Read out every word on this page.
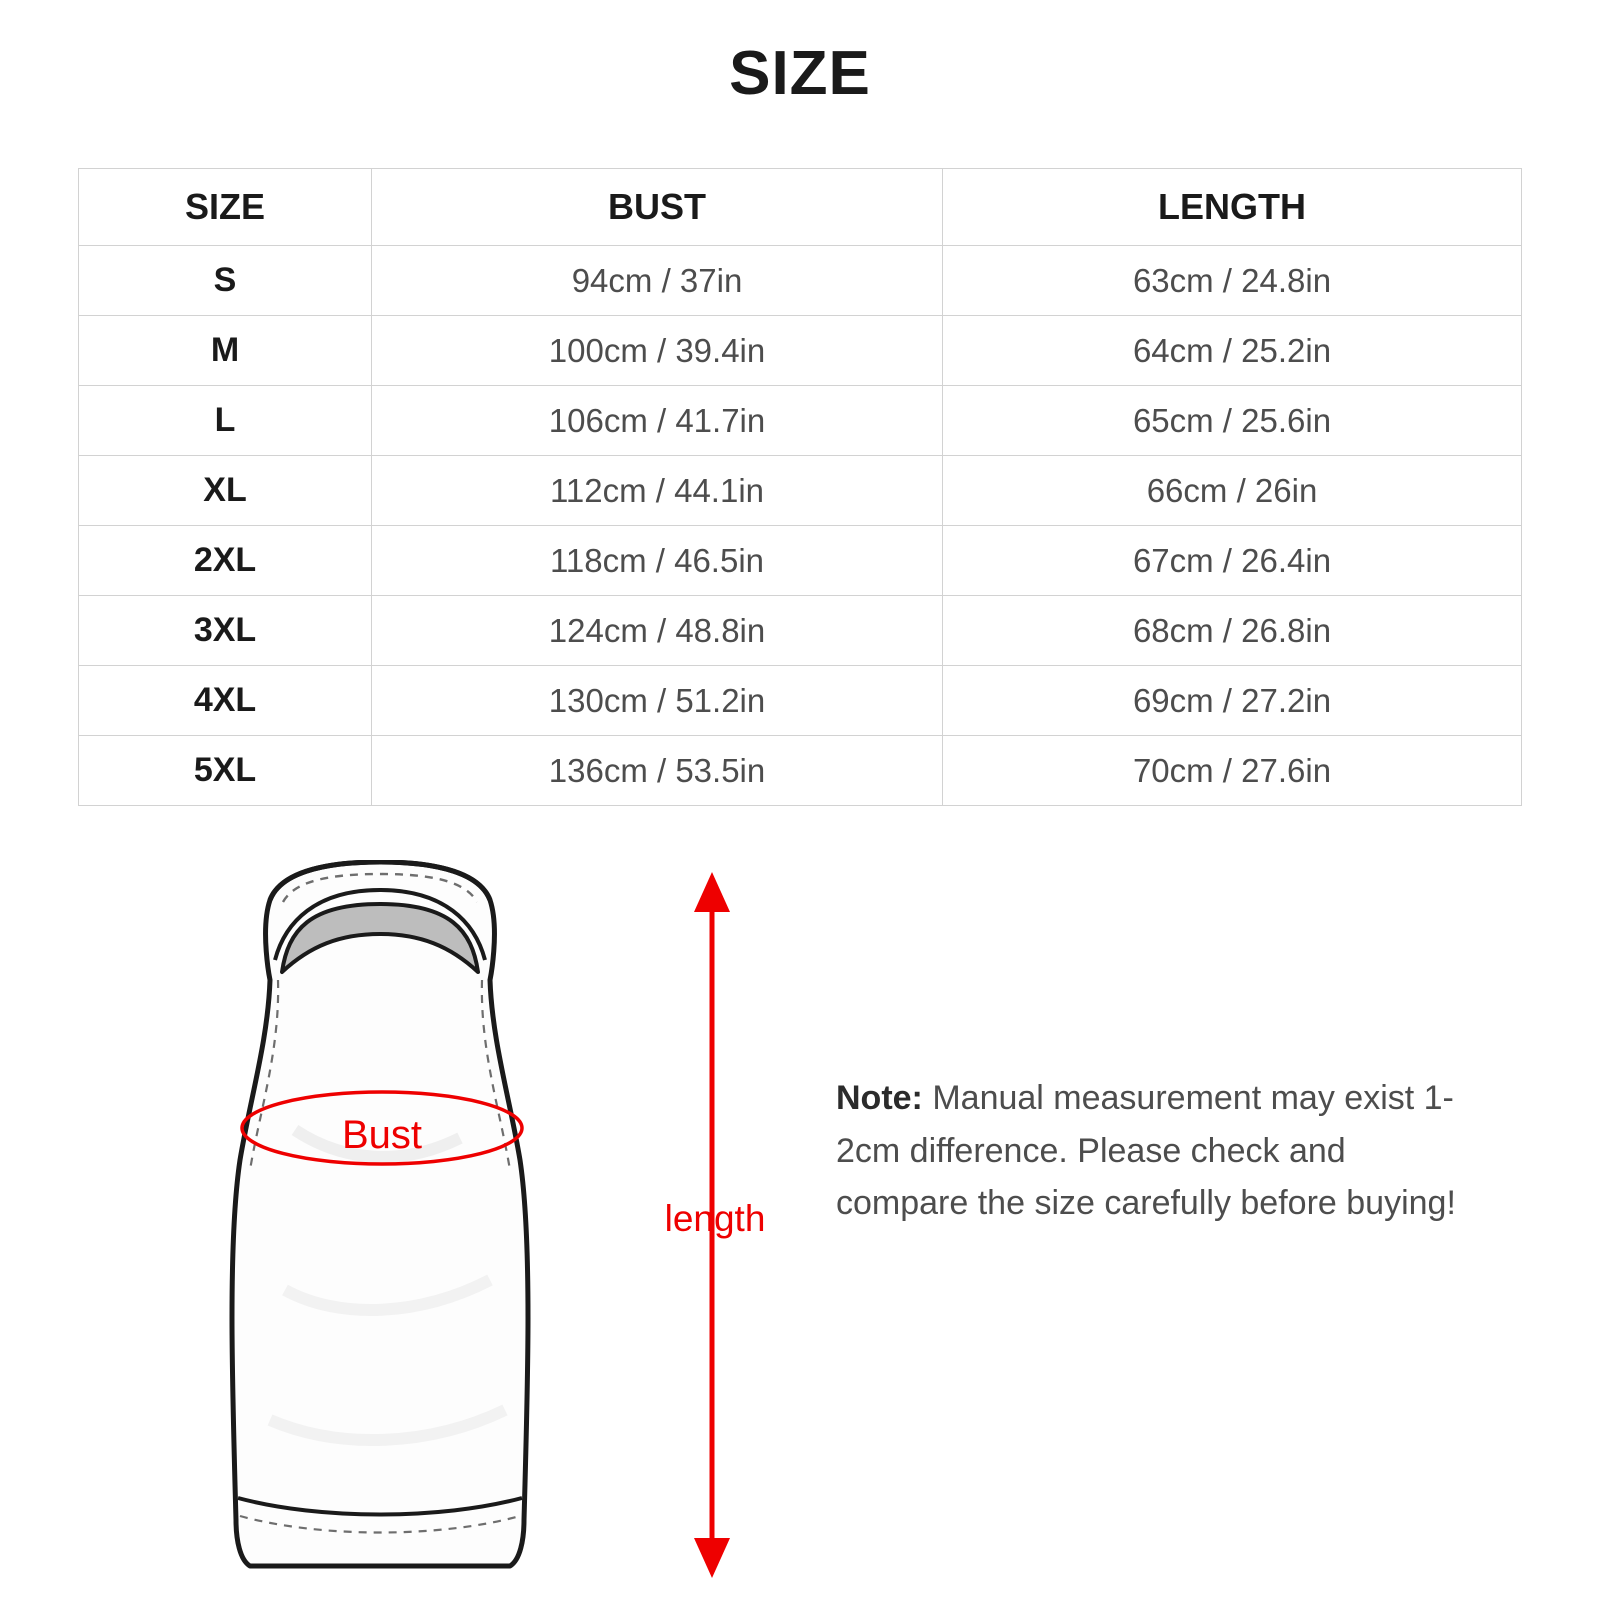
SIZE
SIZE	BUST	LENGTH
S	94cm / 37in	63cm / 24.8in
M	100cm / 39.4in	64cm / 25.2in
L	106cm / 41.7in	65cm / 25.6in
XL	112cm / 44.1in	66cm / 26in
2XL	118cm / 46.5in	67cm / 26.4in
3XL	124cm / 48.8in	68cm / 26.8in
4XL	130cm / 51.2in	69cm / 27.2in
5XL	136cm / 53.5in	70cm / 27.6in
Bust
length
Note: Manual measurement may exist 1-2cm difference. Please check and compare the size carefully before buying!
